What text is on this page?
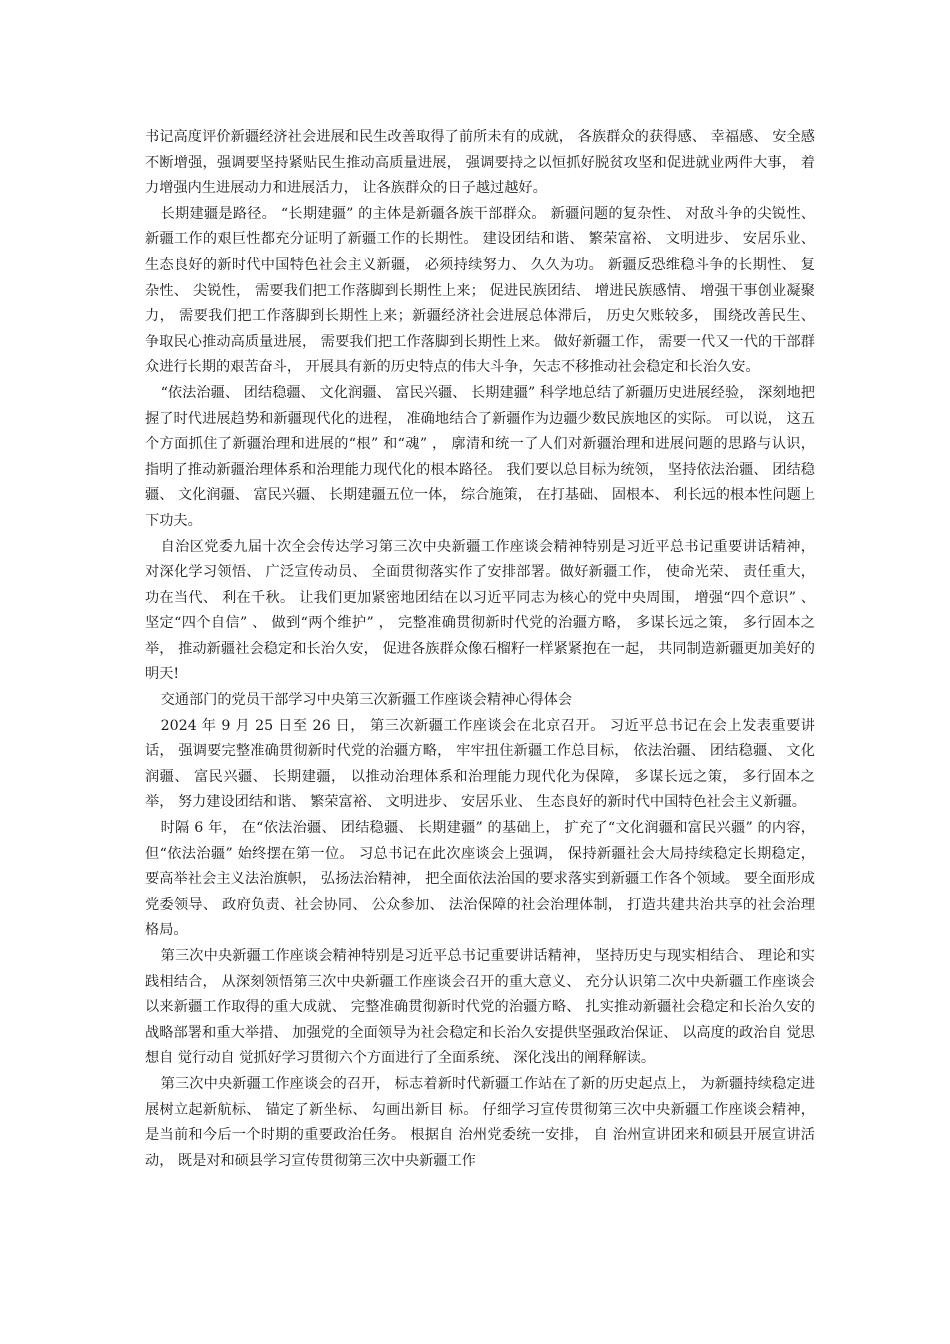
书记高度评价新疆经济社会进展和民生改善取得了前所未有的成就， 各族群众的获得感、 幸福感、 安全感不断增强，强调要坚持紧贴民生推动高质量进展， 强调要持之以恒抓好脱贫攻坚和促进就业两件大事， 着力增强内生进展动力和进展活力， 让各族群众的日子越过越好。

长期建疆是路径。 “长期建疆” 的主体是新疆各族干部群众。 新疆问题的复杂性、 对敌斗争的尖锐性、 新疆工作的艰巨性都充分证明了新疆工作的长期性。 建设团结和谐、 繁荣富裕、 文明进步、 安居乐业、 生态良好的新时代中国特色社会主义新疆， 必须持续努力、 久久为功。 新疆反恐维稳斗争的长期性、 复杂性、 尖锐性， 需要我们把工作落脚到长期性上来； 促进民族团结、 增进民族感情、 增强干事创业凝聚力， 需要我们把工作落脚到长期性上来；新疆经济社会进展总体滞后， 历史欠账较多， 围绕改善民生、 争取民心推动高质量进展， 需要我们把工作落脚到长期性上来。 做好新疆工作， 需要一代又一代的干部群众进行长期的艰苦奋斗， 开展具有新的历史特点的伟大斗争，矢志不移推动社会稳定和长治久安。

“依法治疆、 团结稳疆、 文化润疆、 富民兴疆、 长期建疆” 科学地总结了新疆历史进展经验， 深刻地把握了时代进展趋势和新疆现代化的进程， 准确地结合了新疆作为边疆少数民族地区的实际。 可以说， 这五个方面抓住了新疆治理和进展的“根” 和“魂” ， 廓清和统一了人们对新疆治理和进展问题的思路与认识， 指明了推动新疆治理体系和治理能力现代化的根本路径。 我们要以总目标为统领， 坚持依法治疆、 团结稳疆、 文化润疆、 富民兴疆、 长期建疆五位一体， 综合施策， 在打基础、 固根本、 利长远的根本性问题上下功夫。

自治区党委九届十次全会传达学习第三次中央新疆工作座谈会精神特别是习近平总书记重要讲话精神， 对深化学习领悟、 广泛宣传动员、 全面贯彻落实作了安排部署。做好新疆工作， 使命光荣、 责任重大， 功在当代、 利在千秋。 让我们更加紧密地团结在以习近平同志为核心的党中央周围， 增强“四个意识” 、 坚定“四个自信” 、 做到“两个维护” ， 完整准确贯彻新时代党的治疆方略， 多谋长远之策， 多行固本之举， 推动新疆社会稳定和长治久安， 促进各族群众像石榴籽一样紧紧抱在一起， 共同制造新疆更加美好的明天!

交通部门的党员干部学习中央第三次新疆工作座谈会精神心得体会

2024 年 9 月 25 日至 26 日， 第三次新疆工作座谈会在北京召开。 习近平总书记在会上发表重要讲话， 强调要完整准确贯彻新时代党的治疆方略， 牢牢扭住新疆工作总目标， 依法治疆、 团结稳疆、 文化润疆、 富民兴疆、 长期建疆， 以推动治理体系和治理能力现代化为保障， 多谋长远之策， 多行固本之举， 努力建设团结和谐、 繁荣富裕、 文明进步、 安居乐业、 生态良好的新时代中国特色社会主义新疆。

时隔 6 年， 在“依法治疆、 团结稳疆、 长期建疆” 的基础上， 扩充了“文化润疆和富民兴疆” 的内容， 但“依法治疆” 始终摆在第一位。 习总书记在此次座谈会上强调， 保持新疆社会大局持续稳定长期稳定， 要高举社会主义法治旗帜， 弘扬法治精神， 把全面依法治国的要求落实到新疆工作各个领域。 要全面形成党委领导、 政府负责、社会协同、 公众参加、 法治保障的社会治理体制， 打造共建共治共享的社会治理格局。

第三次中央新疆工作座谈会精神特别是习近平总书记重要讲话精神， 坚持历史与现实相结合、 理论和实践相结合， 从深刻领悟第三次中央新疆工作座谈会召开的重大意义、 充分认识第二次中央新疆工作座谈会以来新疆工作取得的重大成就、 完整准确贯彻新时代党的治疆方略、 扎实推动新疆社会稳定和长治久安的战略部署和重大举措、 加强党的全面领导为社会稳定和长治久安提供坚强政治保证、 以高度的政治自 觉思想自 觉行动自 觉抓好学习贯彻六个方面进行了全面系统、 深化浅出的阐释解读。

第三次中央新疆工作座谈会的召开， 标志着新时代新疆工作站在了新的历史起点上， 为新疆持续稳定进展树立起新航标、 锚定了新坐标、 勾画出新目 标。 仔细学习宣传贯彻第三次中央新疆工作座谈会精神， 是当前和今后一个时期的重要政治任务。 根据自 治州党委统一安排， 自 治州宣讲团来和硕县开展宣讲活动， 既是对和硕县学习宣传贯彻第三次中央新疆工作
